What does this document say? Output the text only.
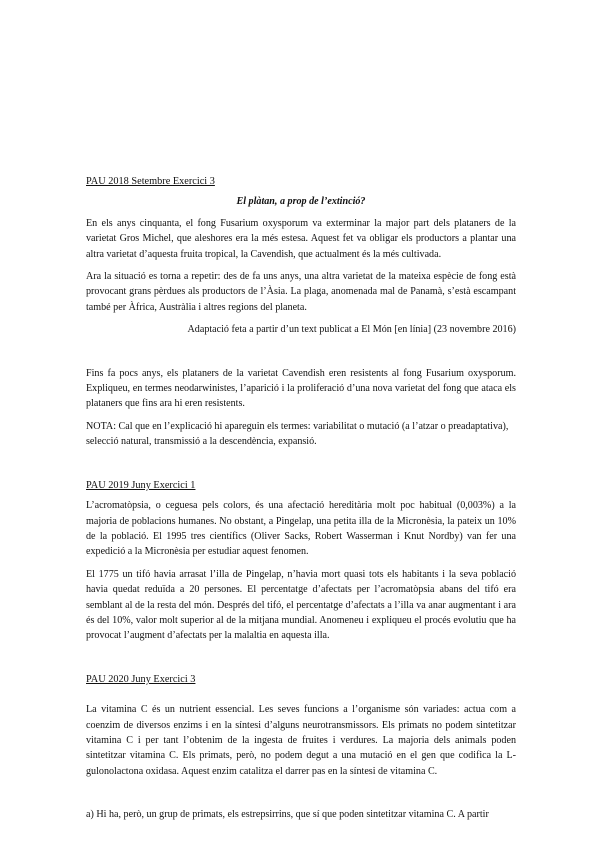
PAU 2018 Setembre Exercici 3

El plàtan, a prop de l’extinció?

En els anys cinquanta, el fong Fusarium oxysporum va exterminar la major part dels plataners de la varietat Gros Michel, que aleshores era la més estesa. Aquest fet va obligar els productors a plantar una altra varietat d’aquesta fruita tropical, la Cavendish, que actualment és la més cultivada.

Ara la situació es torna a repetir: des de fa uns anys, una altra varietat de la mateixa espècie de fong està provocant grans pèrdues als productors de l’Àsia. La plaga, anomenada mal de Panamà, s’està escampant també per Àfrica, Austràlia i altres regions del planeta.

Adaptació feta a partir d’un text publicat a El Món [en línia] (23 novembre 2016)

Fins fa pocs anys, els plataners de la varietat Cavendish eren resistents al fong Fusarium oxysporum. Expliqueu, en termes neodarwinistes, l’aparició i la proliferació d’una nova varietat del fong que ataca els plataners que fins ara hi eren resistents.

NOTA: Cal que en l’explicació hi apareguin els termes: variabilitat o mutació (a l’atzar o preadaptativa), selecció natural, transmissió a la descendència, expansió.

PAU 2019 Juny Exercici 1

L’acromatòpsia, o ceguesa pels colors, és una afectació hereditària molt poc habitual (0,003%) a la majoria de poblacions humanes. No obstant, a Pingelap, una petita illa de la Micronèsia, la pateix un 10% de la població. El 1995 tres científics (Oliver Sacks, Robert Wasserman i Knut Nordby) van fer una expedició a la Micronèsia per estudiar aquest fenomen.

El 1775 un tifó havia arrasat l’illa de Pingelap, n’havia mort quasi tots els habitants i la seva població havia quedat reduïda a 20 persones. El percentatge d’afectats per l’acromatòpsia abans del tifó era semblant al de la resta del món. Després del tifó, el percentatge d’afectats a l’illa va anar augmentant i ara és del 10%, valor molt superior al de la mitjana mundial. Anomeneu i expliqueu el procés evolutiu que ha provocat l’augment d’afectats per la malaltia en aquesta illa.

PAU 2020 Juny Exercici 3

La vitamina C és un nutrient essencial. Les seves funcions a l’organisme són variades: actua com a coenzim de diversos enzims i en la síntesi d’alguns neurotransmissors. Els primats no podem sintetitzar vitamina C i per tant l’obtenim de la ingesta de fruites i verdures. La majoria dels animals poden sintetitzar vitamina C. Els primats, però, no podem degut a una mutació en el gen que codifica la L-gulonolactona oxidasa. Aquest enzim catalitza el darrer pas en la síntesi de vitamina C.

a) Hi ha, però, un grup de primats, els estrepsirrins, que sí que poden sintetitzar vitamina C. A partir
